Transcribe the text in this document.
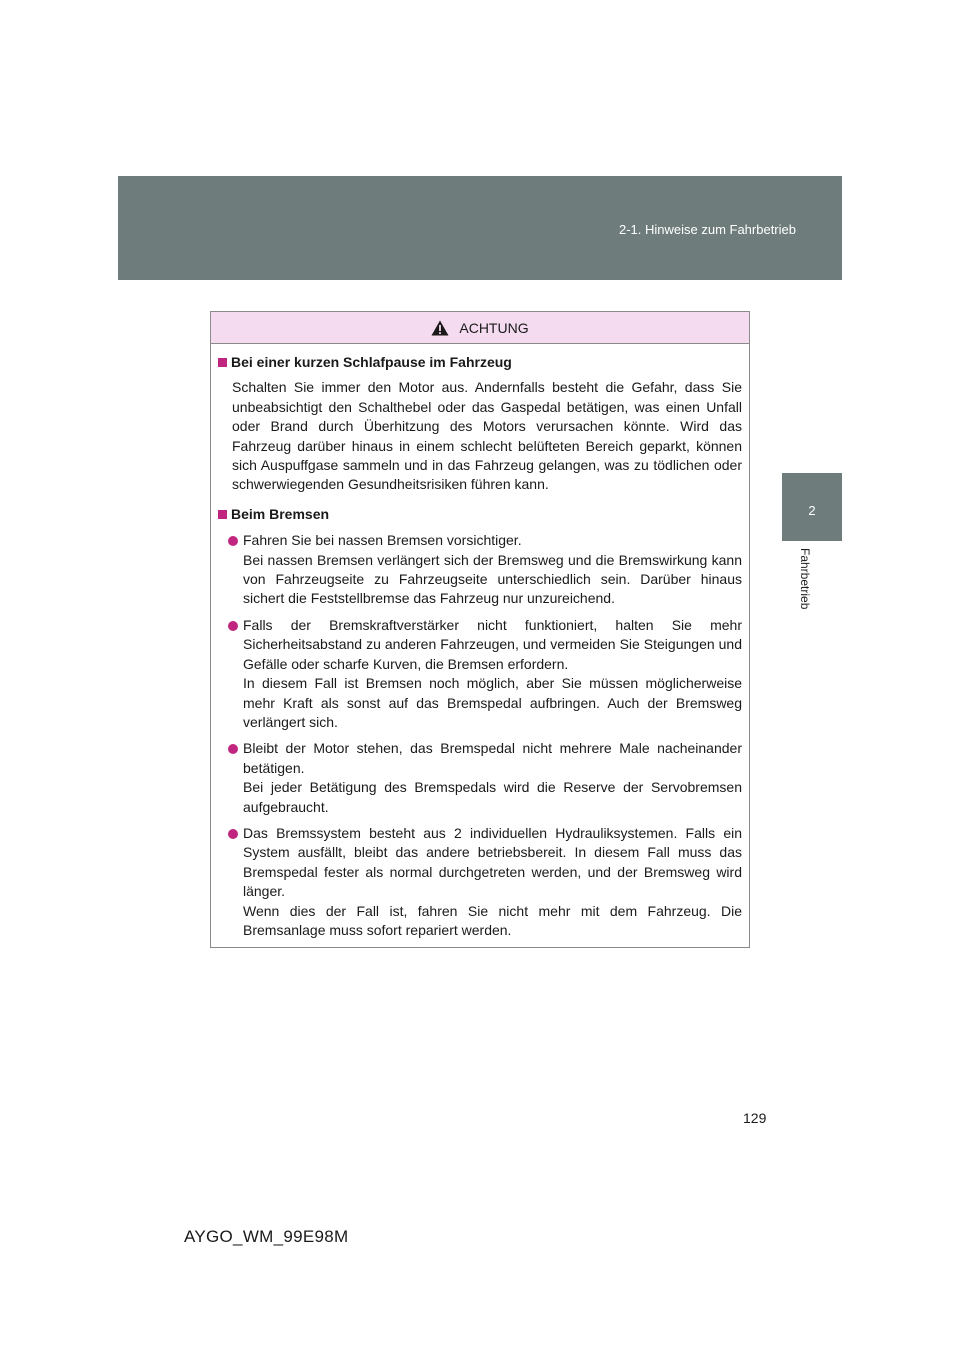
2-1. Hinweise zum Fahrbetrieb
2
Fahrbetrieb
ACHTUNG
Bei einer kurzen Schlafpause im Fahrzeug
Schalten Sie immer den Motor aus. Andernfalls besteht die Gefahr, dass Sie unbeabsichtigt den Schalthebel oder das Gaspedal betätigen, was einen Unfall oder Brand durch Überhitzung des Motors verursachen könnte. Wird das Fahrzeug darüber hinaus in einem schlecht belüfteten Bereich geparkt, können sich Auspuffgase sammeln und in das Fahrzeug gelangen, was zu tödlichen oder schwerwiegenden Gesundheitsrisiken führen kann.
Beim Bremsen
Fahren Sie bei nassen Bremsen vorsichtiger.
Bei nassen Bremsen verlängert sich der Bremsweg und die Bremswirkung kann von Fahrzeugseite zu Fahrzeugseite unterschiedlich sein. Darüber hinaus sichert die Feststellbremse das Fahrzeug nur unzureichend.
Falls der Bremskraftverstärker nicht funktioniert, halten Sie mehr Sicherheitsabstand zu anderen Fahrzeugen, und vermeiden Sie Steigungen und Gefälle oder scharfe Kurven, die Bremsen erfordern.
In diesem Fall ist Bremsen noch möglich, aber Sie müssen möglicherweise mehr Kraft als sonst auf das Bremspedal aufbringen. Auch der Bremsweg verlängert sich.
Bleibt der Motor stehen, das Bremspedal nicht mehrere Male nacheinander betätigen.
Bei jeder Betätigung des Bremspedals wird die Reserve der Servobremsen aufgebraucht.
Das Bremssystem besteht aus 2 individuellen Hydrauliksystemen. Falls ein System ausfällt, bleibt das andere betriebsbereit. In diesem Fall muss das Bremspedal fester als normal durchgetreten werden, und der Bremsweg wird länger.
Wenn dies der Fall ist, fahren Sie nicht mehr mit dem Fahrzeug. Die Bremsanlage muss sofort repariert werden.
129
AYGO_WM_99E98M
